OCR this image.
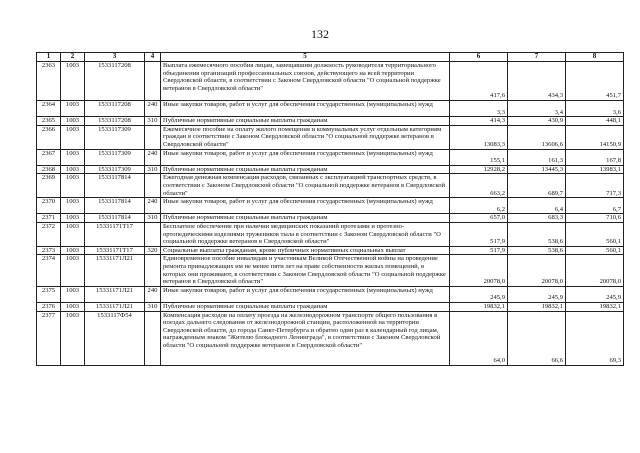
132
1	2	3	4	5	6	7	8
2363	1003	1533117208		Выплата ежемесячного пособия лицам, замещавшим должность руководителя территориального объединения организаций профессиональных союзов, действующего на всей территории Свердловской области, в соответствии с Законом Свердловской области "О социальной поддержке ветеранов в Свердловской области"	417,6	434,3	451,7
2364	1003	1533117208	240	Иные закупки товаров, работ и услуг для обеспечения государственных (муниципальных) нужд	3,3	3,4	3,6
2365	1003	1533117208	310	Публичные нормативные социальные выплаты гражданам	414,3	430,9	448,1
2366	1003	1533117309		Ежемесячное пособие на оплату жилого помещения и коммунальных услуг отдельным категориям граждан в соответствии с Законом Свердловской области "О социальной поддержке ветеранов в Свердловской области"	13083,3	13606,6	14150,9
2367	1003	1533117309	240	Иные закупки товаров, работ и услуг для обеспечения государственных (муниципальных) нужд	155,1	161,3	167,8
2368	1003	1533117309	310	Публичные нормативные социальные выплаты гражданам	12928,2	13445,3	13983,1
2369	1003	1533117814		Ежегодная денежная компенсация расходов, связанных с эксплуатацией транспортных средств, в соответствии с Законом Свердловской области "О социальной поддержке ветеранов в Свердловской области"	663,2	689,7	717,3
2370	1003	1533117814	240	Иные закупки товаров, работ и услуг для обеспечения государственных (муниципальных) нужд	6,2	6,4	6,7
2371	1003	1533117814	310	Публичные нормативные социальные выплаты гражданам	657,0	683,3	710,6
2372	1003	15331171Т17		Бесплатное обеспечение при наличии медицинских показаний протезами и протезно-ортопедическими изделиями тружеников тыла в соответствии с Законом Свердловской области "О социальной поддержке ветеранов в Свердловской области"	517,9	538,6	560,1
2373	1003	15331171Т17	320	Социальные выплаты гражданам, кроме публичных нормативных социальных выплат	517,9	538,6	560,1
2374	1003	15331171Л21		Единовременное пособие инвалидам и участникам Великой Отечественной войны на проведение ремонта принадлежащих им не менее пяти лет на праве собственности жилых помещений, в которых они проживают, в соответствии с Законом Свердловской области "О социальной поддержке ветеранов в Свердловской области"	20078,0	20078,0	20078,0
2375	1003	15331171Л21	240	Иные закупки товаров, работ и услуг для обеспечения государственных (муниципальных) нужд	245,9	245,9	245,9
2376	1003	15331171Л21	310	Публичные нормативные социальные выплаты гражданам	19832,1	19832,1	19832,1
2377	1003	1533117Ф54		Компенсация расходов на оплату проезда на железнодорожном транспорте общего пользования в поездах дальнего следования от железнодорожной станции, расположенной на территории Свердловской области, до города Санкт-Петербурга и обратно один раз в календарный год лицам, награжденным знаком "Жителю блокадного Ленинграда", в соответствии с Законом Свердловской области "О социальной поддержке ветеранов в Свердловской области"	64,0	66,6	69,3
